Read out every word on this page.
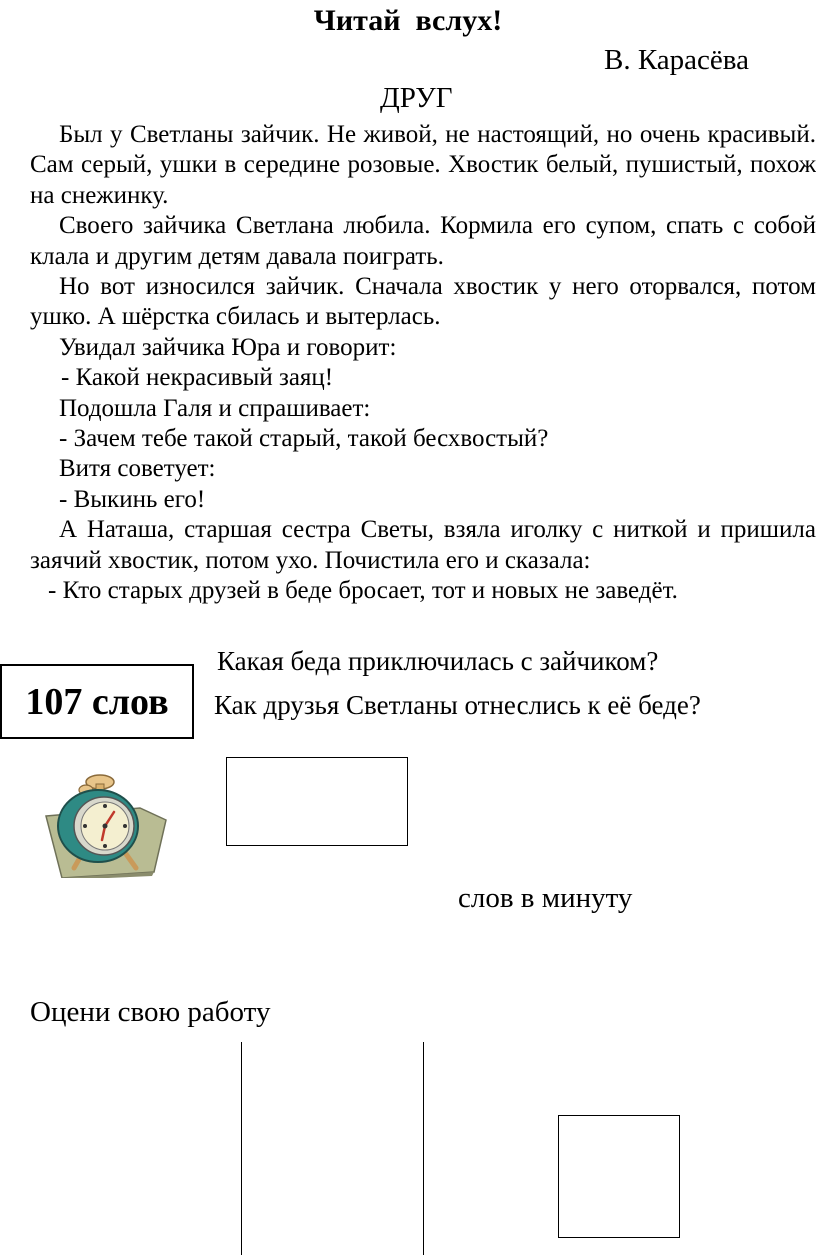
Читай  вслух!
В. Карасёва
ДРУГ

Был у Светланы зайчик. Не живой, не настоящий, но очень красивый. Сам серый, ушки в середине розовые. Хвостик белый, пушистый, похож на снежинку.

Своего зайчика Светлана любила. Кормила его супом, спать с собой клала и другим детям давала поиграть.

Но вот износился зайчик. Сначала хвостик у него оторвался, потом ушко. А шёрстка сбилась и вытерлась.

Увидал зайчика Юра и говорит:

- Какой некрасивый заяц!

Подошла Галя и спрашивает:

- Зачем тебе такой старый, такой бесхвостый?

Витя советует:

- Выкинь его!

А Наташа, старшая сестра Светы, взяла иголку с ниткой и пришила заячий хвостик, потом ухо. Почистила его и сказала:

- Кто старых друзей в беде бросает, тот и новых не заведёт.

Какая беда приключилась с зайчиком?
Как друзья Светланы отнеслись к её беде?
107 слов
слов в минуту
Оцени свою работу
